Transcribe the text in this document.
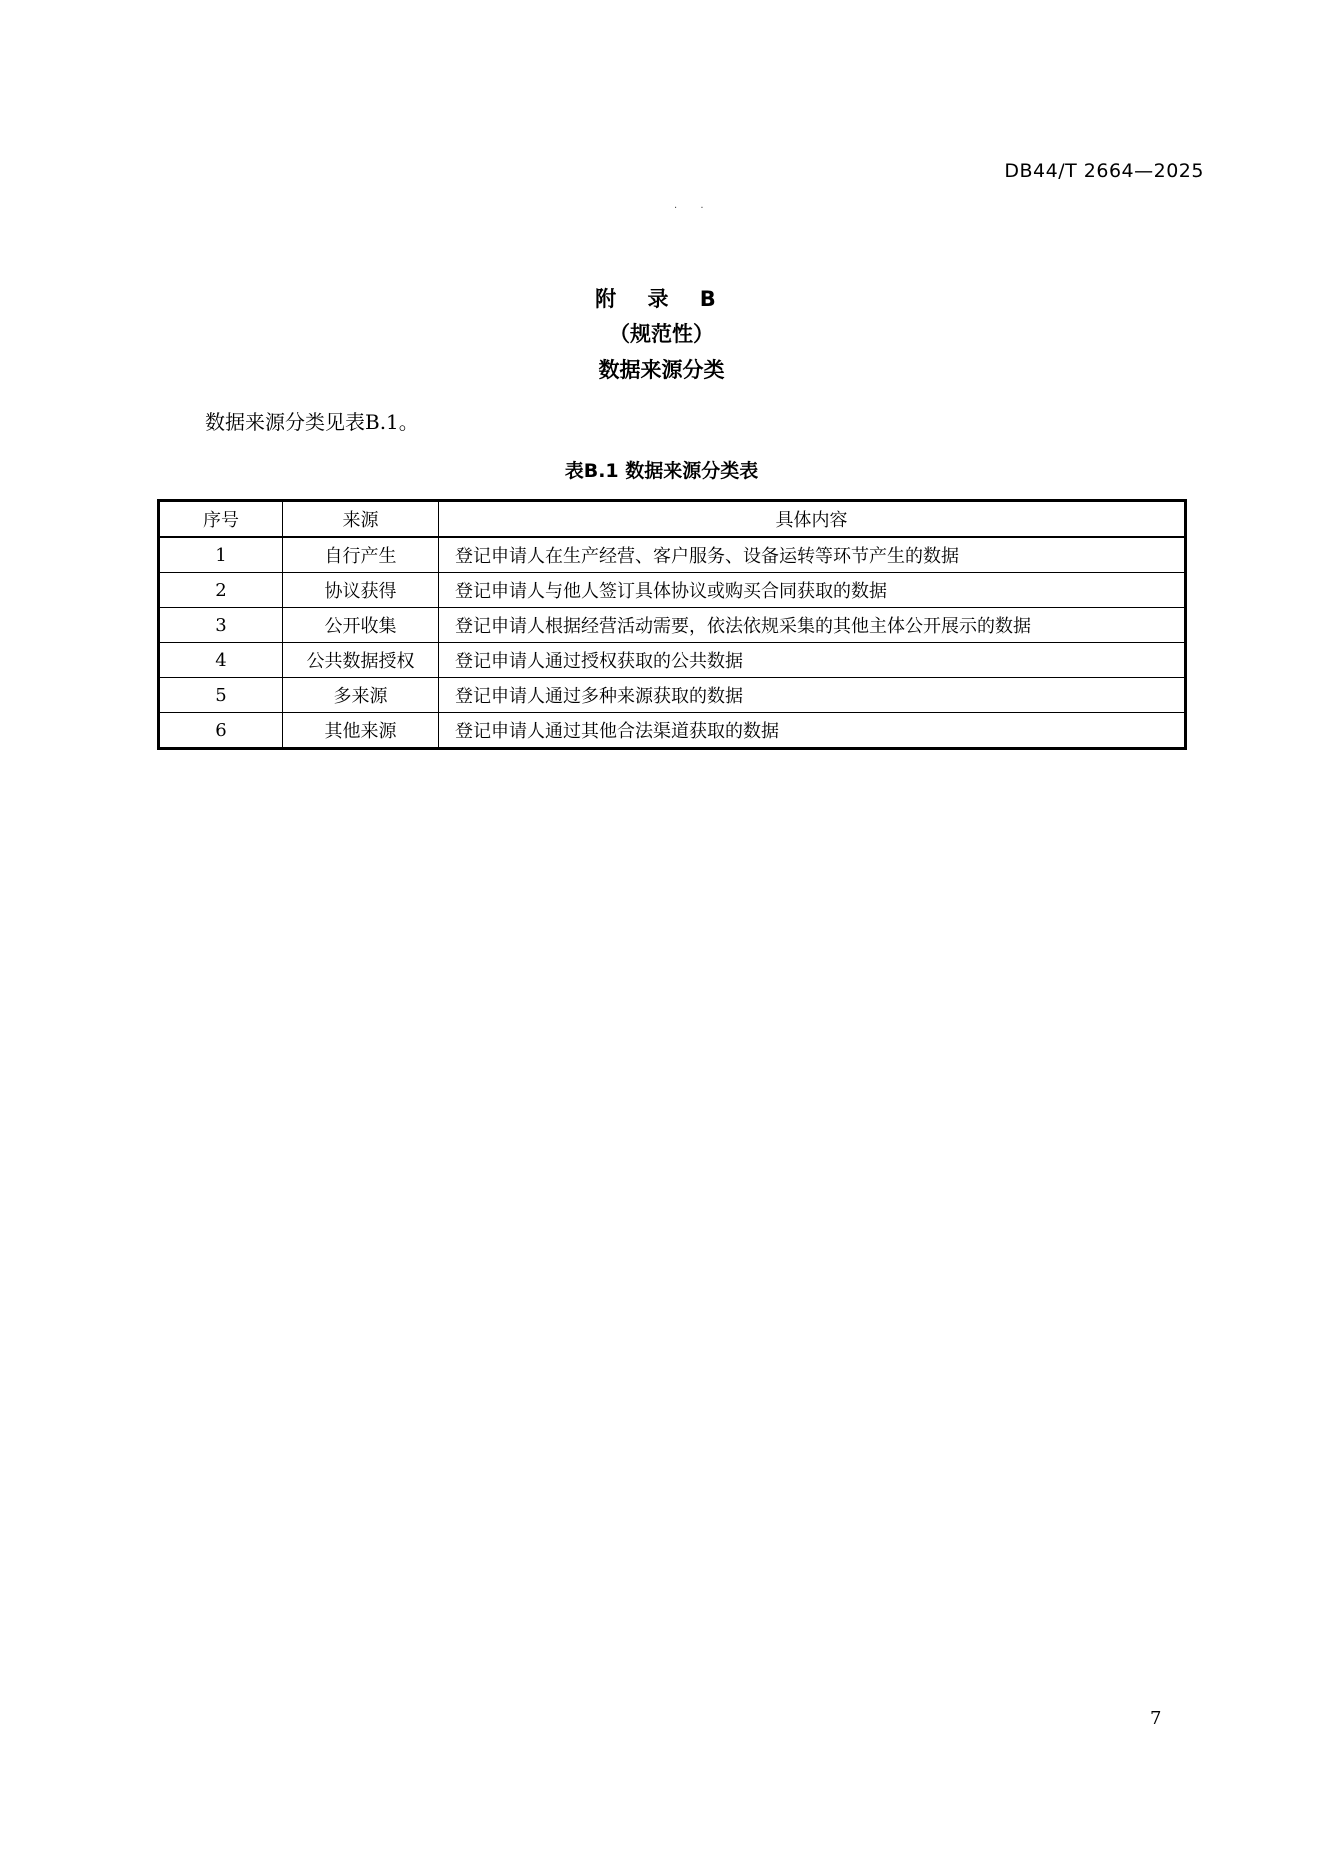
DB44/T 2664—2025
· ·
附 录 B
（规范性）
数据来源分类
数据来源分类见表B.1。
表B.1 数据来源分类表
序号	来源	具体内容
1	自行产生	登记申请人在生产经营、客户服务、设备运转等环节产生的数据
2	协议获得	登记申请人与他人签订具体协议或购买合同获取的数据
3	公开收集	登记申请人根据经营活动需要，依法依规采集的其他主体公开展示的数据
4	公共数据授权	登记申请人通过授权获取的公共数据
5	多来源	登记申请人通过多种来源获取的数据
6	其他来源	登记申请人通过其他合法渠道获取的数据
7
